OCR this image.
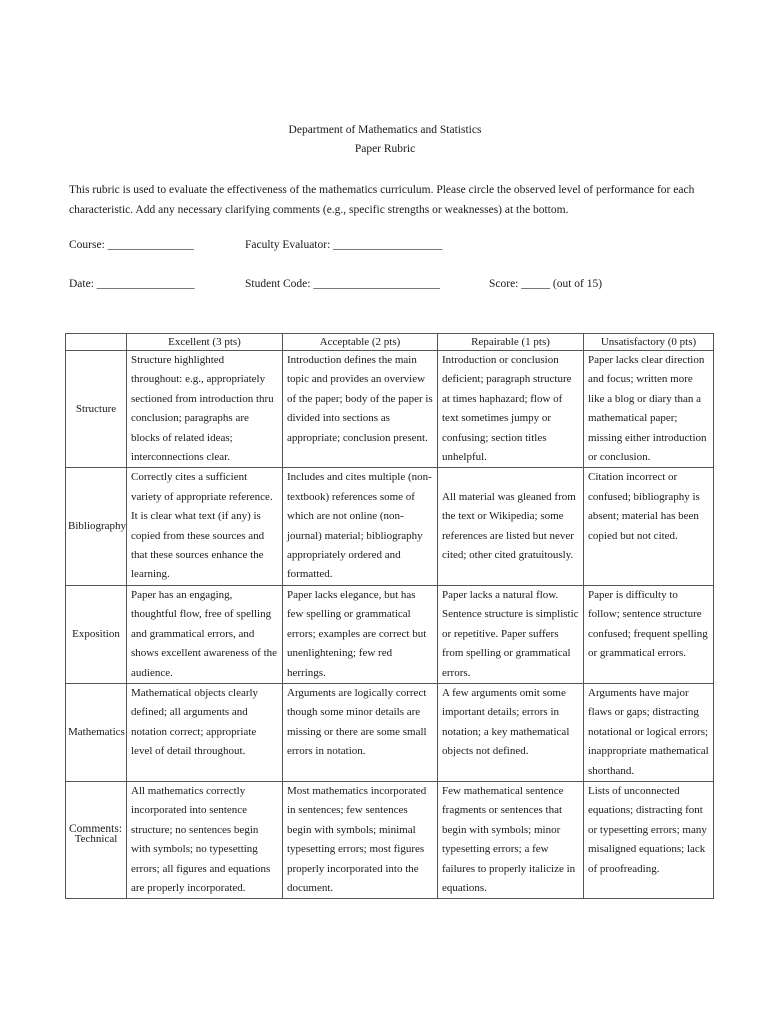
Department of Mathematics and Statistics
Paper Rubric
This rubric is used to evaluate the effectiveness of the mathematics curriculum. Please circle the observed level of performance for each characteristic. Add any necessary clarifying comments (e.g., specific strengths or weaknesses) at the bottom.
Course: _______________	Faculty Evaluator: ___________________
Date: _________________	Student Code: ______________________	Score: _____ (out of 15)
	Excellent (3 pts)	Acceptable (2 pts)	Repairable (1 pts)	Unsatisfactory (0 pts)
Structure	Structure highlighted throughout: e.g., appropriately sectioned from introduction thru conclusion; paragraphs are blocks of related ideas; interconnections clear.	Introduction defines the main topic and provides an overview of the paper; body of the paper is divided into sections as appropriate; conclusion present.	Introduction or conclusion deficient; paragraph structure at times haphazard; flow of text sometimes jumpy or confusing; section titles unhelpful.	Paper lacks clear direction and focus; written more like a blog or diary than a mathematical paper; missing either introduction or conclusion.
Bibliography	Correctly cites a sufficient variety of appropriate reference. It is clear what text (if any) is copied from these sources and that these sources enhance the learning.	Includes and cites multiple (non-textbook) references some of which are not online (non-journal) material; bibliography appropriately ordered and formatted.	All material was gleaned from the text or Wikipedia; some references are listed but never cited; other cited gratuitously.	Citation incorrect or confused; bibliography is absent; material has been copied but not cited.
Exposition	Paper has an engaging, thoughtful flow, free of spelling and grammatical errors, and shows excellent awareness of the audience.	Paper lacks elegance, but has few spelling or grammatical errors; examples are correct but unenlightening; few red herrings.	Paper lacks a natural flow. Sentence structure is simplistic or repetitive. Paper suffers from spelling or grammatical errors.	Paper is difficulty to follow; sentence structure confused; frequent spelling or grammatical errors.
Mathematics	Mathematical objects clearly defined; all arguments and notation correct; appropriate level of detail throughout.	Arguments are logically correct though some minor details are missing or there are some small errors in notation.	A few arguments omit some important details; errors in notation; a key mathematical objects not defined.	Arguments have major flaws or gaps; distracting notational or logical errors; inappropriate mathematical shorthand.
Technical	All mathematics correctly incorporated into sentence structure; no sentences begin with symbols; no typesetting errors; all figures and equations are properly incorporated.	Most mathematics incorporated in sentences; few sentences begin with symbols; minimal typesetting errors; most figures properly incorporated into the document.	Few mathematical sentence fragments or sentences that begin with symbols; minor typesetting errors; a few failures to properly italicize in equations.	Lists of unconnected equations; distracting font or typesetting errors; many misaligned equations; lack of proofreading.
Comments:
